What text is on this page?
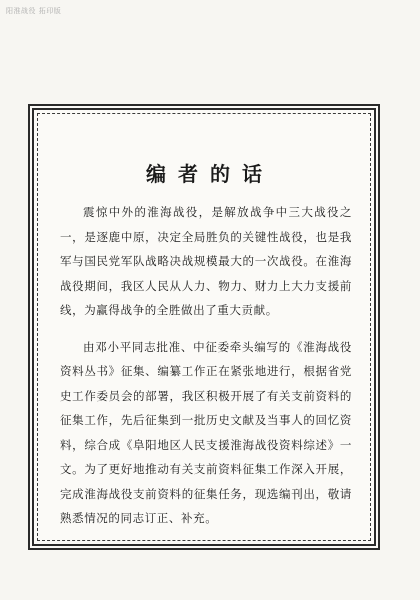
阳淮战役 拓印版
编者的话

震惊中外的淮海战役，是解放战争中三大战役之一，是逐鹿中原，决定全局胜负的关键性战役，也是我军与国民党军队战略决战规模最大的一次战役。在淮海战役期间，我区人民从人力、物力、财力上大力支援前线，为赢得战争的全胜做出了重大贡献。

由邓小平同志批准、中征委牵头编写的《淮海战役资料丛书》征集、编纂工作正在紧张地进行，根据省党史工作委员会的部署，我区积极开展了有关支前资料的征集工作，先后征集到一批历史文献及当事人的回忆资料，综合成《阜阳地区人民支援淮海战役资料综述》一文。为了更好地推动有关支前资料征集工作深入开展，完成淮海战役支前资料的征集任务，现选编刊出，敬请熟悉情况的同志订正、补充。
